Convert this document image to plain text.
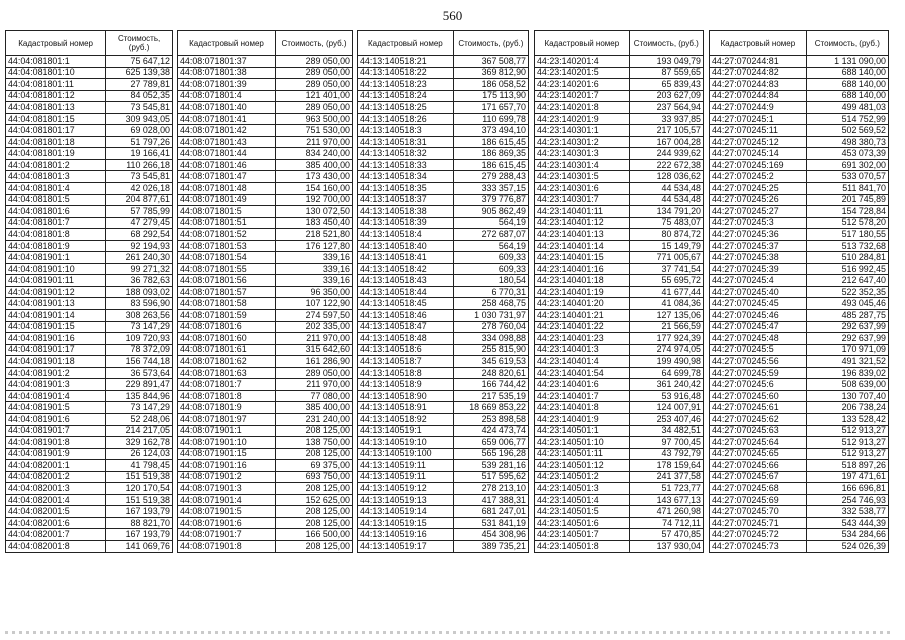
560
Кадастровый номер	Стоимость, (руб.)
44:04:081801:1	75 647,12
44:04:081801:10	625 139,38
44:04:081801:11	27 789,81
44:04:081801:12	84 052,35
44:04:081801:13	73 545,81
44:04:081801:15	309 943,05
44:04:081801:17	69 028,00
44:04:081801:18	51 797,26
44:04:081801:19	19 166,41
44:04:081801:2	110 266,18
44:04:081801:3	73 545,81
44:04:081801:4	42 026,18
44:04:081801:5	204 877,61
44:04:081801:6	57 785,99
44:04:081801:7	47 279,45
44:04:081801:8	68 292,54
44:04:081801:9	92 194,93
44:04:081901:1	261 240,30
44:04:081901:10	99 271,32
44:04:081901:11	36 782,63
44:04:081901:12	188 093,02
44:04:081901:13	83 596,90
44:04:081901:14	308 263,56
44:04:081901:15	73 147,29
44:04:081901:16	109 720,93
44:04:081901:17	78 372,09
44:04:081901:18	156 744,18
44:04:081901:2	36 573,64
44:04:081901:3	229 891,47
44:04:081901:4	135 844,96
44:04:081901:5	73 147,29
44:04:081901:6	52 248,06
44:04:081901:7	214 217,05
44:04:081901:8	329 162,78
44:04:081901:9	26 124,03
44:04:082001:1	41 798,45
44:04:082001:2	151 519,38
44:04:082001:3	120 170,54
44:04:082001:4	151 519,38
44:04:082001:5	167 193,79
44:04:082001:6	88 821,70
44:04:082001:7	167 193,79
44:04:082001:8	141 069,76
Кадастровый номер	Стоимость, (руб.)
44:08:071801:37	289 050,00
44:08:071801:38	289 050,00
44:08:071801:39	289 050,00
44:08:071801:4	121 401,00
44:08:071801:40	289 050,00
44:08:071801:41	963 500,00
44:08:071801:42	751 530,00
44:08:071801:43	211 970,00
44:08:071801:44	834 240,00
44:08:071801:46	385 400,00
44:08:071801:47	173 430,00
44:08:071801:48	154 160,00
44:08:071801:49	192 700,00
44:08:071801:5	130 072,50
44:08:071801:51	183 450,40
44:08:071801:52	218 521,80
44:08:071801:53	176 127,80
44:08:071801:54	339,16
44:08:071801:55	339,16
44:08:071801:56	339,16
44:08:071801:57	96 350,00
44:08:071801:58	107 122,90
44:08:071801:59	274 597,50
44:08:071801:6	202 335,00
44:08:071801:60	211 970,00
44:08:071801:61	315 642,60
44:08:071801:62	161 286,90
44:08:071801:63	289 050,00
44:08:071801:7	211 970,00
44:08:071801:8	77 080,00
44:08:071801:9	385 400,00
44:08:071801:97	231 240,00
44:08:071901:1	208 125,00
44:08:071901:10	138 750,00
44:08:071901:15	208 125,00
44:08:071901:16	69 375,00
44:08:071901:2	693 750,00
44:08:071901:3	208 125,00
44:08:071901:4	152 625,00
44:08:071901:5	208 125,00
44:08:071901:6	208 125,00
44:08:071901:7	166 500,00
44:08:071901:8	208 125,00
Кадастровый номер	Стоимость, (руб.)
44:13:140518:21	367 508,77
44:13:140518:22	369 812,90
44:13:140518:23	186 058,52
44:13:140518:24	175 113,90
44:13:140518:25	171 657,70
44:13:140518:26	110 699,78
44:13:140518:3	373 494,10
44:13:140518:31	186 615,45
44:13:140518:32	186 869,35
44:13:140518:33	186 615,45
44:13:140518:34	279 288,43
44:13:140518:35	333 357,15
44:13:140518:37	379 776,87
44:13:140518:38	905 862,49
44:13:140518:39	564,19
44:13:140518:4	272 687,07
44:13:140518:40	564,19
44:13:140518:41	609,33
44:13:140518:42	609,33
44:13:140518:43	180,54
44:13:140518:44	6 770,31
44:13:140518:45	258 468,75
44:13:140518:46	1 030 731,97
44:13:140518:47	278 760,04
44:13:140518:48	334 098,88
44:13:140518:6	255 815,90
44:13:140518:7	345 619,53
44:13:140518:8	248 820,61
44:13:140518:9	166 744,42
44:13:140518:90	217 535,19
44:13:140518:91	18 669 853,22
44:13:140518:92	253 898,58
44:13:140519:1	424 473,74
44:13:140519:10	659 006,77
44:13:140519:100	565 196,28
44:13:140519:11	539 281,16
44:13:140519:11	517 595,62
44:13:140519:12	278 213,10
44:13:140519:13	417 388,31
44:13:140519:14	681 247,01
44:13:140519:15	531 841,19
44:13:140519:16	454 308,96
44:13:140519:17	389 735,21
Кадастровый номер	Стоимость, (руб.)
44:23:140201:4	193 049,79
44:23:140201:5	87 559,65
44:23:140201:6	65 839,43
44:23:140201:7	203 627,09
44:23:140201:8	237 564,94
44:23:140201:9	33 937,85
44:23:140301:1	217 105,57
44:23:140301:2	167 004,28
44:23:140301:3	244 939,62
44:23:140301:4	222 672,38
44:23:140301:5	128 036,62
44:23:140301:6	44 534,48
44:23:140301:7	44 534,48
44:23:140401:11	134 791,20
44:23:140401:12	75 483,07
44:23:140401:13	80 874,72
44:23:140401:14	15 149,79
44:23:140401:15	771 005,67
44:23:140401:16	37 741,54
44:23:140401:18	55 695,72
44:23:140401:19	41 677,44
44:23:140401:20	41 084,36
44:23:140401:21	127 135,06
44:23:140401:22	21 566,59
44:23:140401:23	177 924,39
44:23:140401:3	274 974,05
44:23:140401:4	199 490,98
44:23:140401:54	64 699,78
44:23:140401:6	361 240,42
44:23:140401:7	53 916,48
44:23:140401:8	124 007,91
44:23:140401:9	253 407,46
44:23:140501:1	34 482,51
44:23:140501:10	97 700,45
44:23:140501:11	43 792,79
44:23:140501:12	178 159,64
44:23:140501:2	241 377,58
44:23:140501:3	51 723,77
44:23:140501:4	143 677,13
44:23:140501:5	471 260,98
44:23:140501:6	74 712,11
44:23:140501:7	57 470,85
44:23:140501:8	137 930,04
Кадастровый номер	Стоимость, (руб.)
44:27:070244:81	1 131 090,00
44:27:070244:82	688 140,00
44:27:070244:83	688 140,00
44:27:070244:84	688 140,00
44:27:070244:9	499 481,03
44:27:070245:1	514 752,99
44:27:070245:11	502 569,52
44:27:070245:12	498 380,73
44:27:070245:14	453 073,39
44:27:070245:169	691 302,00
44:27:070245:2	533 070,57
44:27:070245:25	511 841,70
44:27:070245:26	201 745,89
44:27:070245:27	154 728,84
44:27:070245:3	512 578,20
44:27:070245:36	517 180,55
44:27:070245:37	513 732,68
44:27:070245:38	510 284,81
44:27:070245:39	516 992,45
44:27:070245:4	212 647,40
44:27:070245:40	522 352,35
44:27:070245:45	493 045,46
44:27:070245:46	485 287,75
44:27:070245:47	292 637,99
44:27:070245:48	292 637,99
44:27:070245:5	170 971,09
44:27:070245:56	491 321,52
44:27:070245:59	196 839,02
44:27:070245:6	508 639,00
44:27:070245:60	130 707,40
44:27:070245:61	206 738,24
44:27:070245:62	133 528,42
44:27:070245:63	512 913,27
44:27:070245:64	512 913,27
44:27:070245:65	512 913,27
44:27:070245:66	518 897,26
44:27:070245:67	197 471,61
44:27:070245:68	166 696,81
44:27:070245:69	254 746,93
44:27:070245:70	332 538,77
44:27:070245:71	543 444,39
44:27:070245:72	534 284,66
44:27:070245:73	524 026,39
